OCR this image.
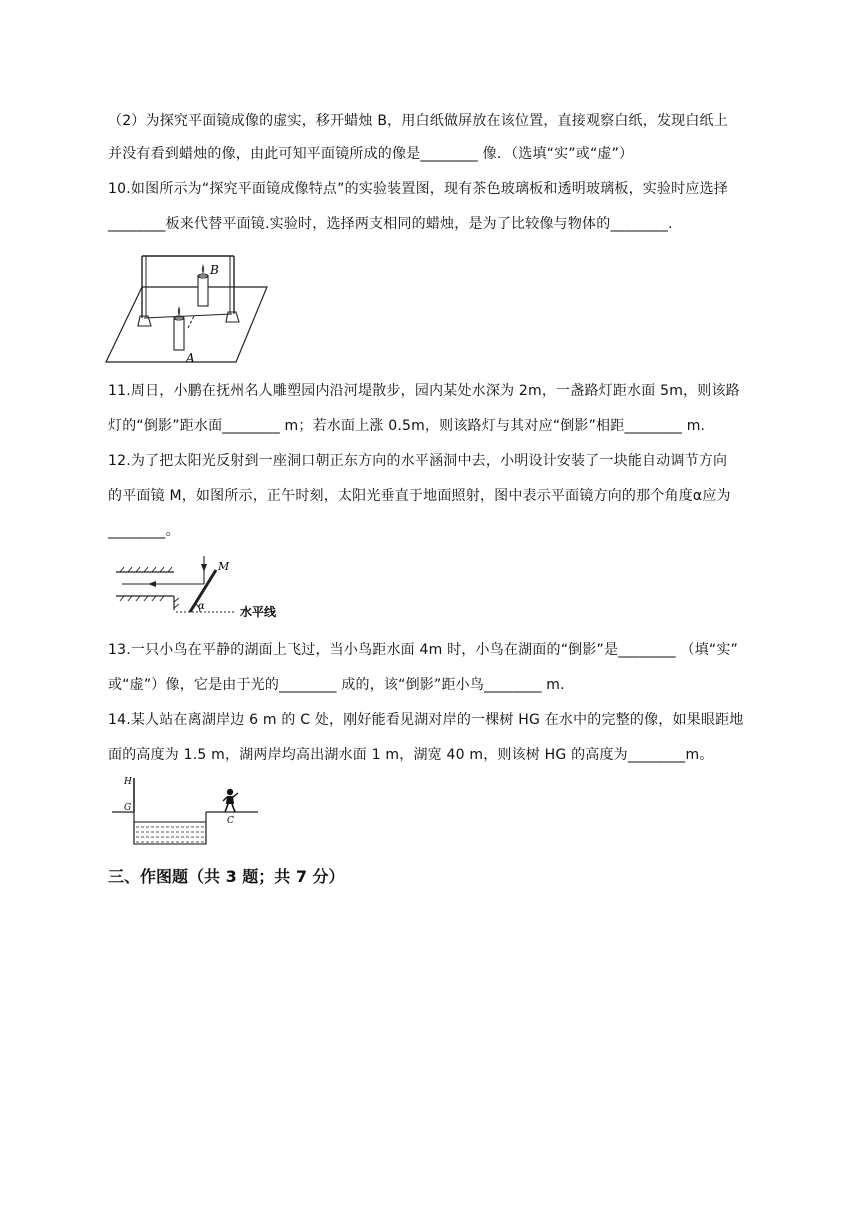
（2）为探究平面镜成像的虚实，移开蜡烛 B，用白纸做屏放在该位置，直接观察白纸，发现白纸上
并没有看到蜡烛的像，由此可知平面镜所成的像是________ 像．（选填“实”或“虚”）
10.如图所示为“探究平面镜成像特点”的实验装置图，现有茶色玻璃板和透明玻璃板，实验时应选择
________板来代替平面镜.实验时，选择两支相同的蜡烛，是为了比较像与物体的________.
B
A
11.周日，小鹏在抚州名人雕塑园内沿河堤散步，园内某处水深为 2m，一盏路灯距水面 5m，则该路
灯的“倒影”距水面________ m；若水面上涨 0.5m，则该路灯与其对应“倒影”相距________ m.
12.为了把太阳光反射到一座洞口朝正东方向的水平涵洞中去，小明设计安装了一块能自动调节方向
的平面镜 M，如图所示，正午时刻，太阳光垂直于地面照射，图中表示平面镜方向的那个角度α应为
________。
M
α	水平线
13.一只小鸟在平静的湖面上飞过，当小鸟距水面 4m 时，小鸟在湖面的“倒影”是________ （填“实”
或“虚”）像，它是由于光的________ 成的，该“倒影”距小鸟________ m.
14.某人站在离湖岸边 6 m 的 C 处，刚好能看见湖对岸的一棵树 HG 在水中的完整的像，如果眼距地
面的高度为 1.5 m，湖两岸均高出湖水面 1 m，湖宽 40 m，则该树 HG 的高度为________m。
H
G
C
三、作图题（共 3 题；共 7 分）
